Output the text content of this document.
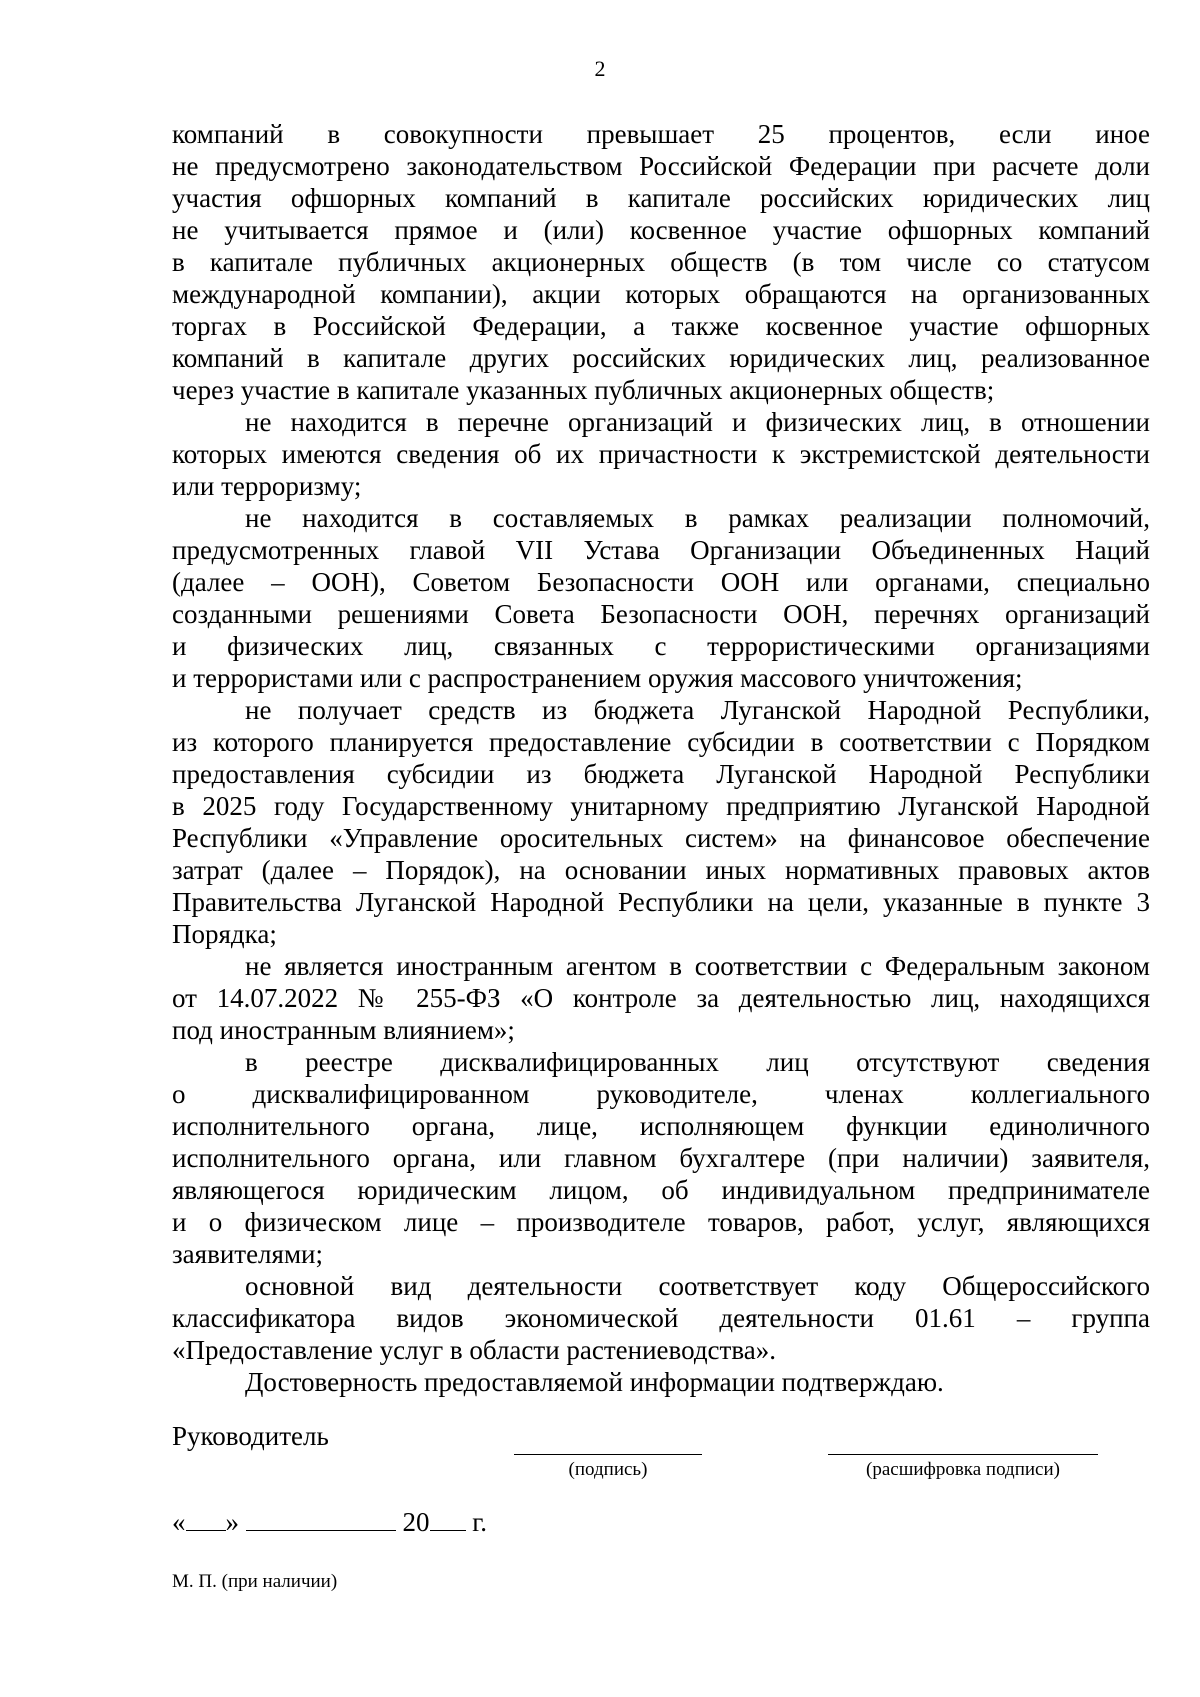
2
компаний в совокупности превышает 25 процентов, если иное
не предусмотрено законодательством Российской Федерации при расчете доли
участия офшорных компаний в капитале российских юридических лиц
не учитывается прямое и (или) косвенное участие офшорных компаний
в капитале публичных акционерных обществ (в том числе со статусом
международной компании), акции которых обращаются на организованных
торгах в Российской Федерации, а также косвенное участие офшорных
компаний в капитале других российских юридических лиц, реализованное
через участие в капитале указанных публичных акционерных обществ;
не находится в перечне организаций и физических лиц, в отношении
которых имеются сведения об их причастности к экстремистской деятельности
или терроризму;
не находится в составляемых в рамках реализации полномочий,
предусмотренных главой VII Устава Организации Объединенных Наций
(далее – ООН), Советом Безопасности ООН или органами, специально
созданными решениями Совета Безопасности ООН, перечнях организаций
и физических лиц, связанных с террористическими организациями
и террористами или с распространением оружия массового уничтожения;
не получает средств из бюджета Луганской Народной Республики,
из которого планируется предоставление субсидии в соответствии с Порядком
предоставления субсидии из бюджета Луганской Народной Республики
в 2025 году Государственному унитарному предприятию Луганской Народной
Республики «Управление оросительных систем» на финансовое обеспечение
затрат (далее – Порядок), на основании иных нормативных правовых актов
Правительства Луганской Народной Республики на цели, указанные в пункте 3
Порядка;
не является иностранным агентом в соответствии с Федеральным законом
от 14.07.2022 № 255-ФЗ «О контроле за деятельностью лиц, находящихся
под иностранным влиянием»;
в реестре дисквалифицированных лиц отсутствуют сведения
о дисквалифицированном руководителе, членах коллегиального
исполнительного органа, лице, исполняющем функции единоличного
исполнительного органа, или главном бухгалтере (при наличии) заявителя,
являющегося юридическим лицом, об индивидуальном предпринимателе
и о физическом лице – производителе товаров, работ, услуг, являющихся
заявителями;
основной вид деятельности соответствует коду Общероссийского
классификатора видов экономической деятельности 01.61 – группа
«Предоставление услуг в области растениеводства».
Достоверность предоставляемой информации подтверждаю.
Руководитель
(подпись)	(расшифровка подписи)
« »	20 г.
М. П. (при наличии)
